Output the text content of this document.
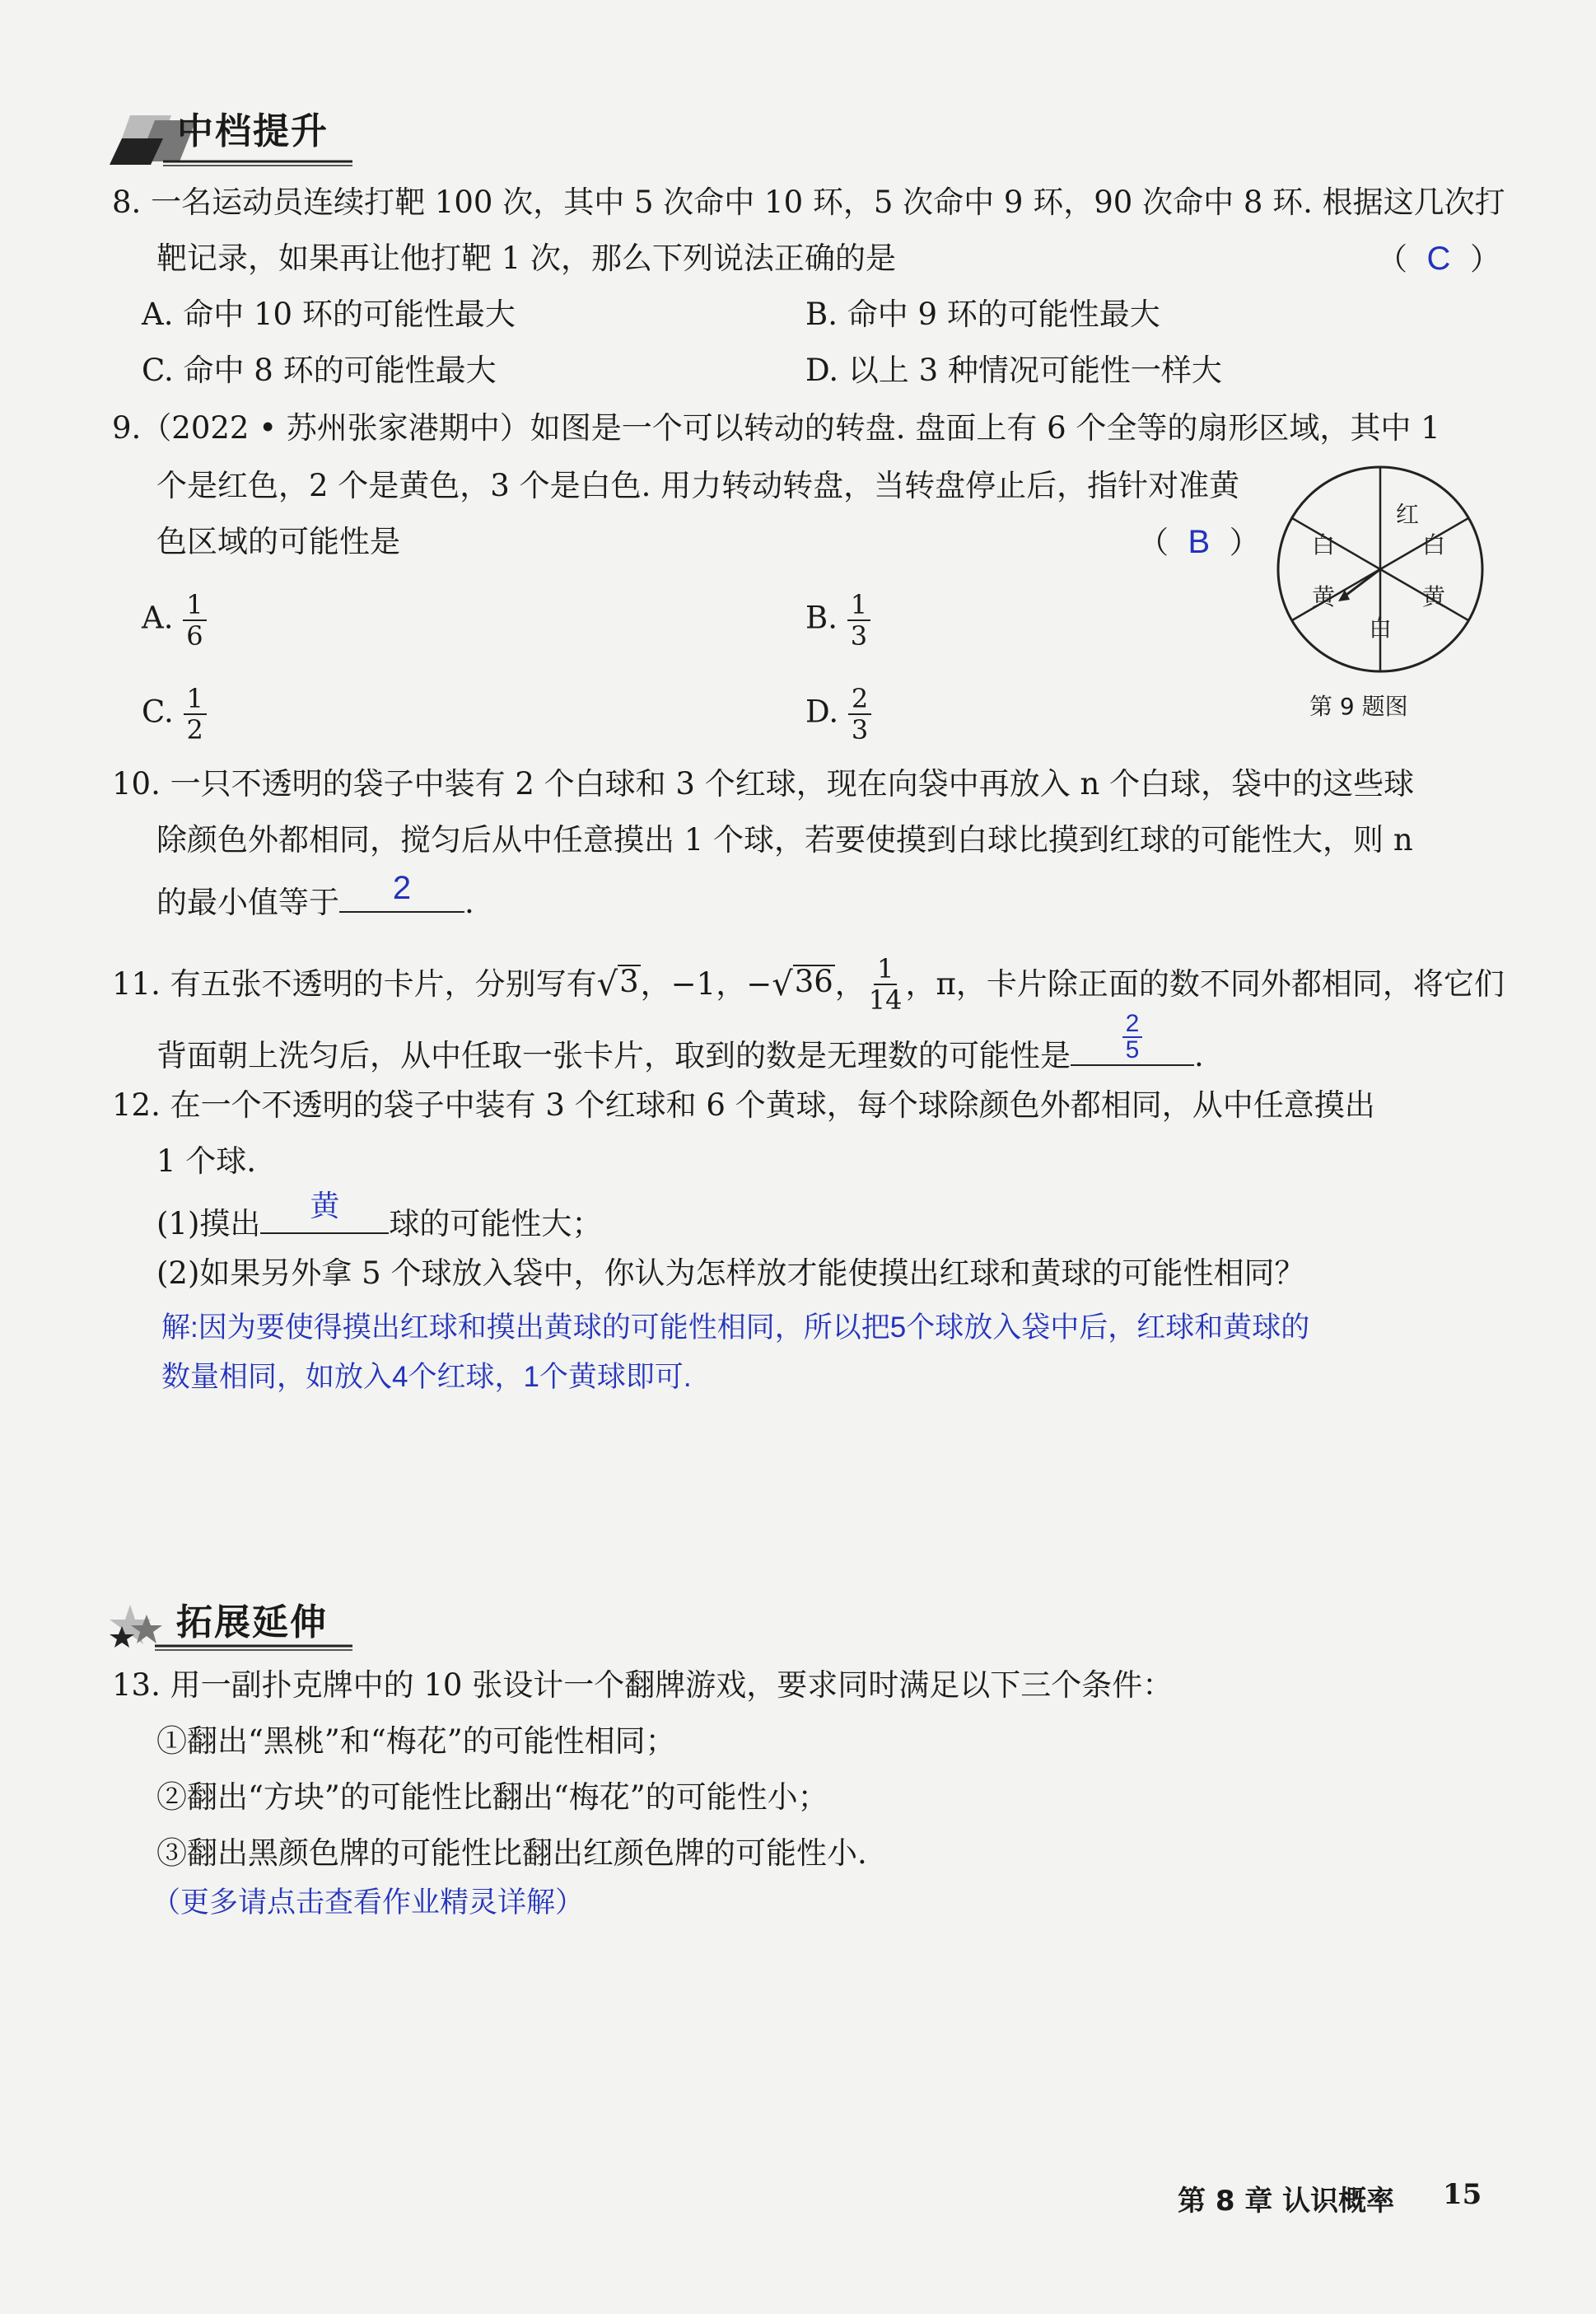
中档提升
8. 一名运动员连续打靶 100 次，其中 5 次命中 10 环，5 次命中 9 环，90 次命中 8 环. 根据这几次打
靶记录，如果再让他打靶 1 次，那么下列说法正确的是	（  C  ）
A. 命中 10 环的可能性最大	B. 命中 9 环的可能性最大
C. 命中 8 环的可能性最大	D. 以上 3 种情况可能性一样大
9.（2022 • 苏州张家港期中）如图是一个可以转动的转盘. 盘面上有 6 个全等的扇形区域，其中 1
个是红色，2 个是黄色，3 个是白色. 用力转动转盘，当转盘停止后，指针对准黄
色区域的可能性是	（  B  ）
A. $\frac{1}{6}$	B. $\frac{1}{3}$
C. $\frac{1}{2}$	D. $\frac{2}{3}$
红
白
黄
白
黄
白
第 9 题图
10. 一只不透明的袋子中装有 2 个白球和 3 个红球，现在向袋中再放入 n 个白球，袋中的这些球
除颜色外都相同，搅匀后从中任意摸出 1 个球，若要使摸到白球比摸到红球的可能性大，则 n
的最小值等于	2	.
11. 有五张不透明的卡片，分别写有 √ 3 ，−1，− √ 36 ， $\frac{1}{14}$ ，π，卡片除正面的数不同外都相同，将它们
背面朝上洗匀后，从中任取一张卡片，取到的数是无理数的可能性是 $\frac{2}{5}$ .
12. 在一个不透明的袋子中装有 3 个红球和 6 个黄球，每个球除颜色外都相同，从中任意摸出
1 个球.
(1)摸出
黄
球的可能性大；
(2)如果另外拿 5 个球放入袋中，你认为怎样放才能使摸出红球和黄球的可能性相同？
解:因为要使得摸出红球和摸出黄球的可能性相同，所以把5个球放入袋中后，红球和黄球的
数量相同，如放入4个红球，1个黄球即可.
拓展延伸
13. 用一副扑克牌中的 10 张设计一个翻牌游戏，要求同时满足以下三个条件：
①翻出“黑桃”和“梅花”的可能性相同；
②翻出“方块”的可能性比翻出“梅花”的可能性小；
③翻出黑颜色牌的可能性比翻出红颜色牌的可能性小.
（更多请点击查看作业精灵详解）
第 8 章 认识概率 15
